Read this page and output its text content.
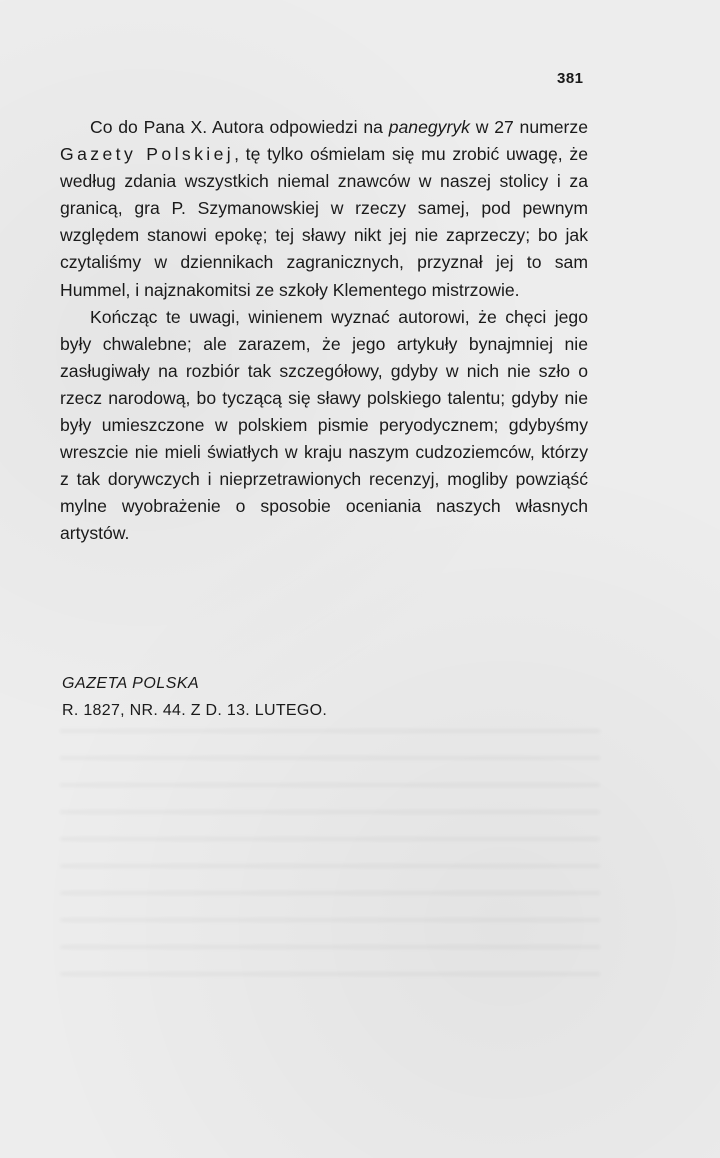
381

Co do Pana X. Autora odpowiedzi na panegyryk w 27 numerze Gazety Polskiej, tę tylko ośmielam się mu zrobić uwagę, że według zdania wszystkich niemal znawców w naszej stolicy i za granicą, gra P. Szymanowskiej w rzeczy samej, pod pewnym względem stanowi epokę; tej sławy nikt jej nie zaprzeczy; bo jak czytaliśmy w dziennikach zagranicznych, przyznał jej to sam Hummel, i najznakomitsi ze szkoły Klementego mistrzowie.

Kończąc te uwagi, winienem wyznać autorowi, że chęci jego były chwalebne; ale zarazem, że jego artykuły bynajmniej nie zasługiwały na rozbiór tak szczegółowy, gdyby w nich nie szło o rzecz narodową, bo tyczącą się sławy polskiego talentu; gdyby nie były umieszczone w polskiem pismie peryodycznem; gdybyśmy wreszcie nie mieli światłych w kraju naszym cudzoziemców, którzy z tak dorywczych i nieprzetrawionych recenzyj, mogliby powziąść mylne wyobrażenie o sposobie oceniania naszych własnych artystów.

GAZETA POLSKA
R. 1827, NR. 44. Z D. 13. LUTEGO.
